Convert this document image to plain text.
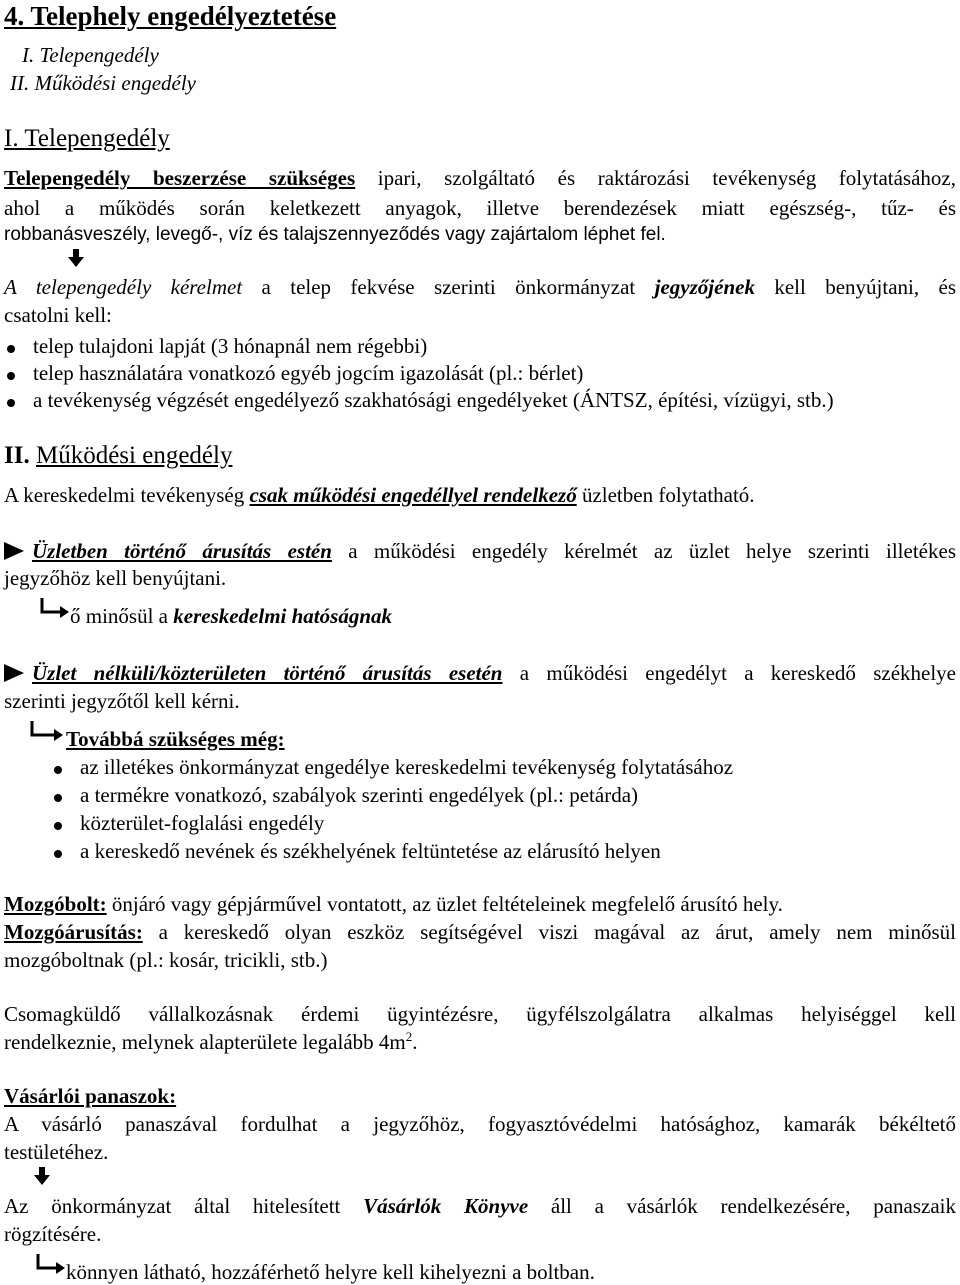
4. Telephely engedélyeztetése
I. Telepengedély
II. Működési engedély
I. Telepengedély
Telepengedély beszerzése szükséges ipari, szolgáltató és raktározási tevékenység folytatásához,
ahol a működés során keletkezett anyagok, illetve berendezések miatt egészség-, tűz- és
robbanásveszély, levegő-, víz és talajszennyeződés vagy zajártalom léphet fel.
A telepengedély kérelmet a telep fekvése szerinti önkormányzat jegyzőjének kell benyújtani, és
csatolni kell:
telep tulajdoni lapját (3 hónapnál nem régebbi)
telep használatára vonatkozó egyéb jogcím igazolását (pl.: bérlet)
a tevékenység végzését engedélyező szakhatósági engedélyeket (ÁNTSZ, építési, vízügyi, stb.)
II. Működési engedély
A kereskedelmi tevékenység csak működési engedéllyel rendelkező üzletben folytatható.
Üzletben történő árusítás estén a működési engedély kérelmét az üzlet helye szerinti illetékes
jegyzőhöz kell benyújtani.
ő minősül a kereskedelmi hatóságnak
Üzlet nélküli/közterületen történő árusítás esetén a működési engedélyt a kereskedő székhelye
szerinti jegyzőtől kell kérni.
Továbbá szükséges még:
az illetékes önkormányzat engedélye kereskedelmi tevékenység folytatásához
a termékre vonatkozó, szabályok szerinti engedélyek (pl.: petárda)
közterület-foglalási engedély
a kereskedő nevének és székhelyének feltüntetése az elárusító helyen
Mozgóbolt: önjáró vagy gépjárművel vontatott, az üzlet feltételeinek megfelelő árusító hely.
Mozgóárusítás: a kereskedő olyan eszköz segítségével viszi magával az árut, amely nem minősül
mozgóboltnak (pl.: kosár, tricikli, stb.)
Csomagküldő vállalkozásnak érdemi ügyintézésre, ügyfélszolgálatra alkalmas helyiséggel kell
rendelkeznie, melynek alapterülete legalább $4m^2$.
Vásárlói panaszok:
A vásárló panaszával fordulhat a jegyzőhöz, fogyasztóvédelmi hatósághoz, kamarák békéltető
testületéhez.
Az önkormányzat által hitelesített Vásárlók Könyve áll a vásárlók rendelkezésére, panaszaik
rögzítésére.
könnyen látható, hozzáférhető helyre kell kihelyezni a boltban.
